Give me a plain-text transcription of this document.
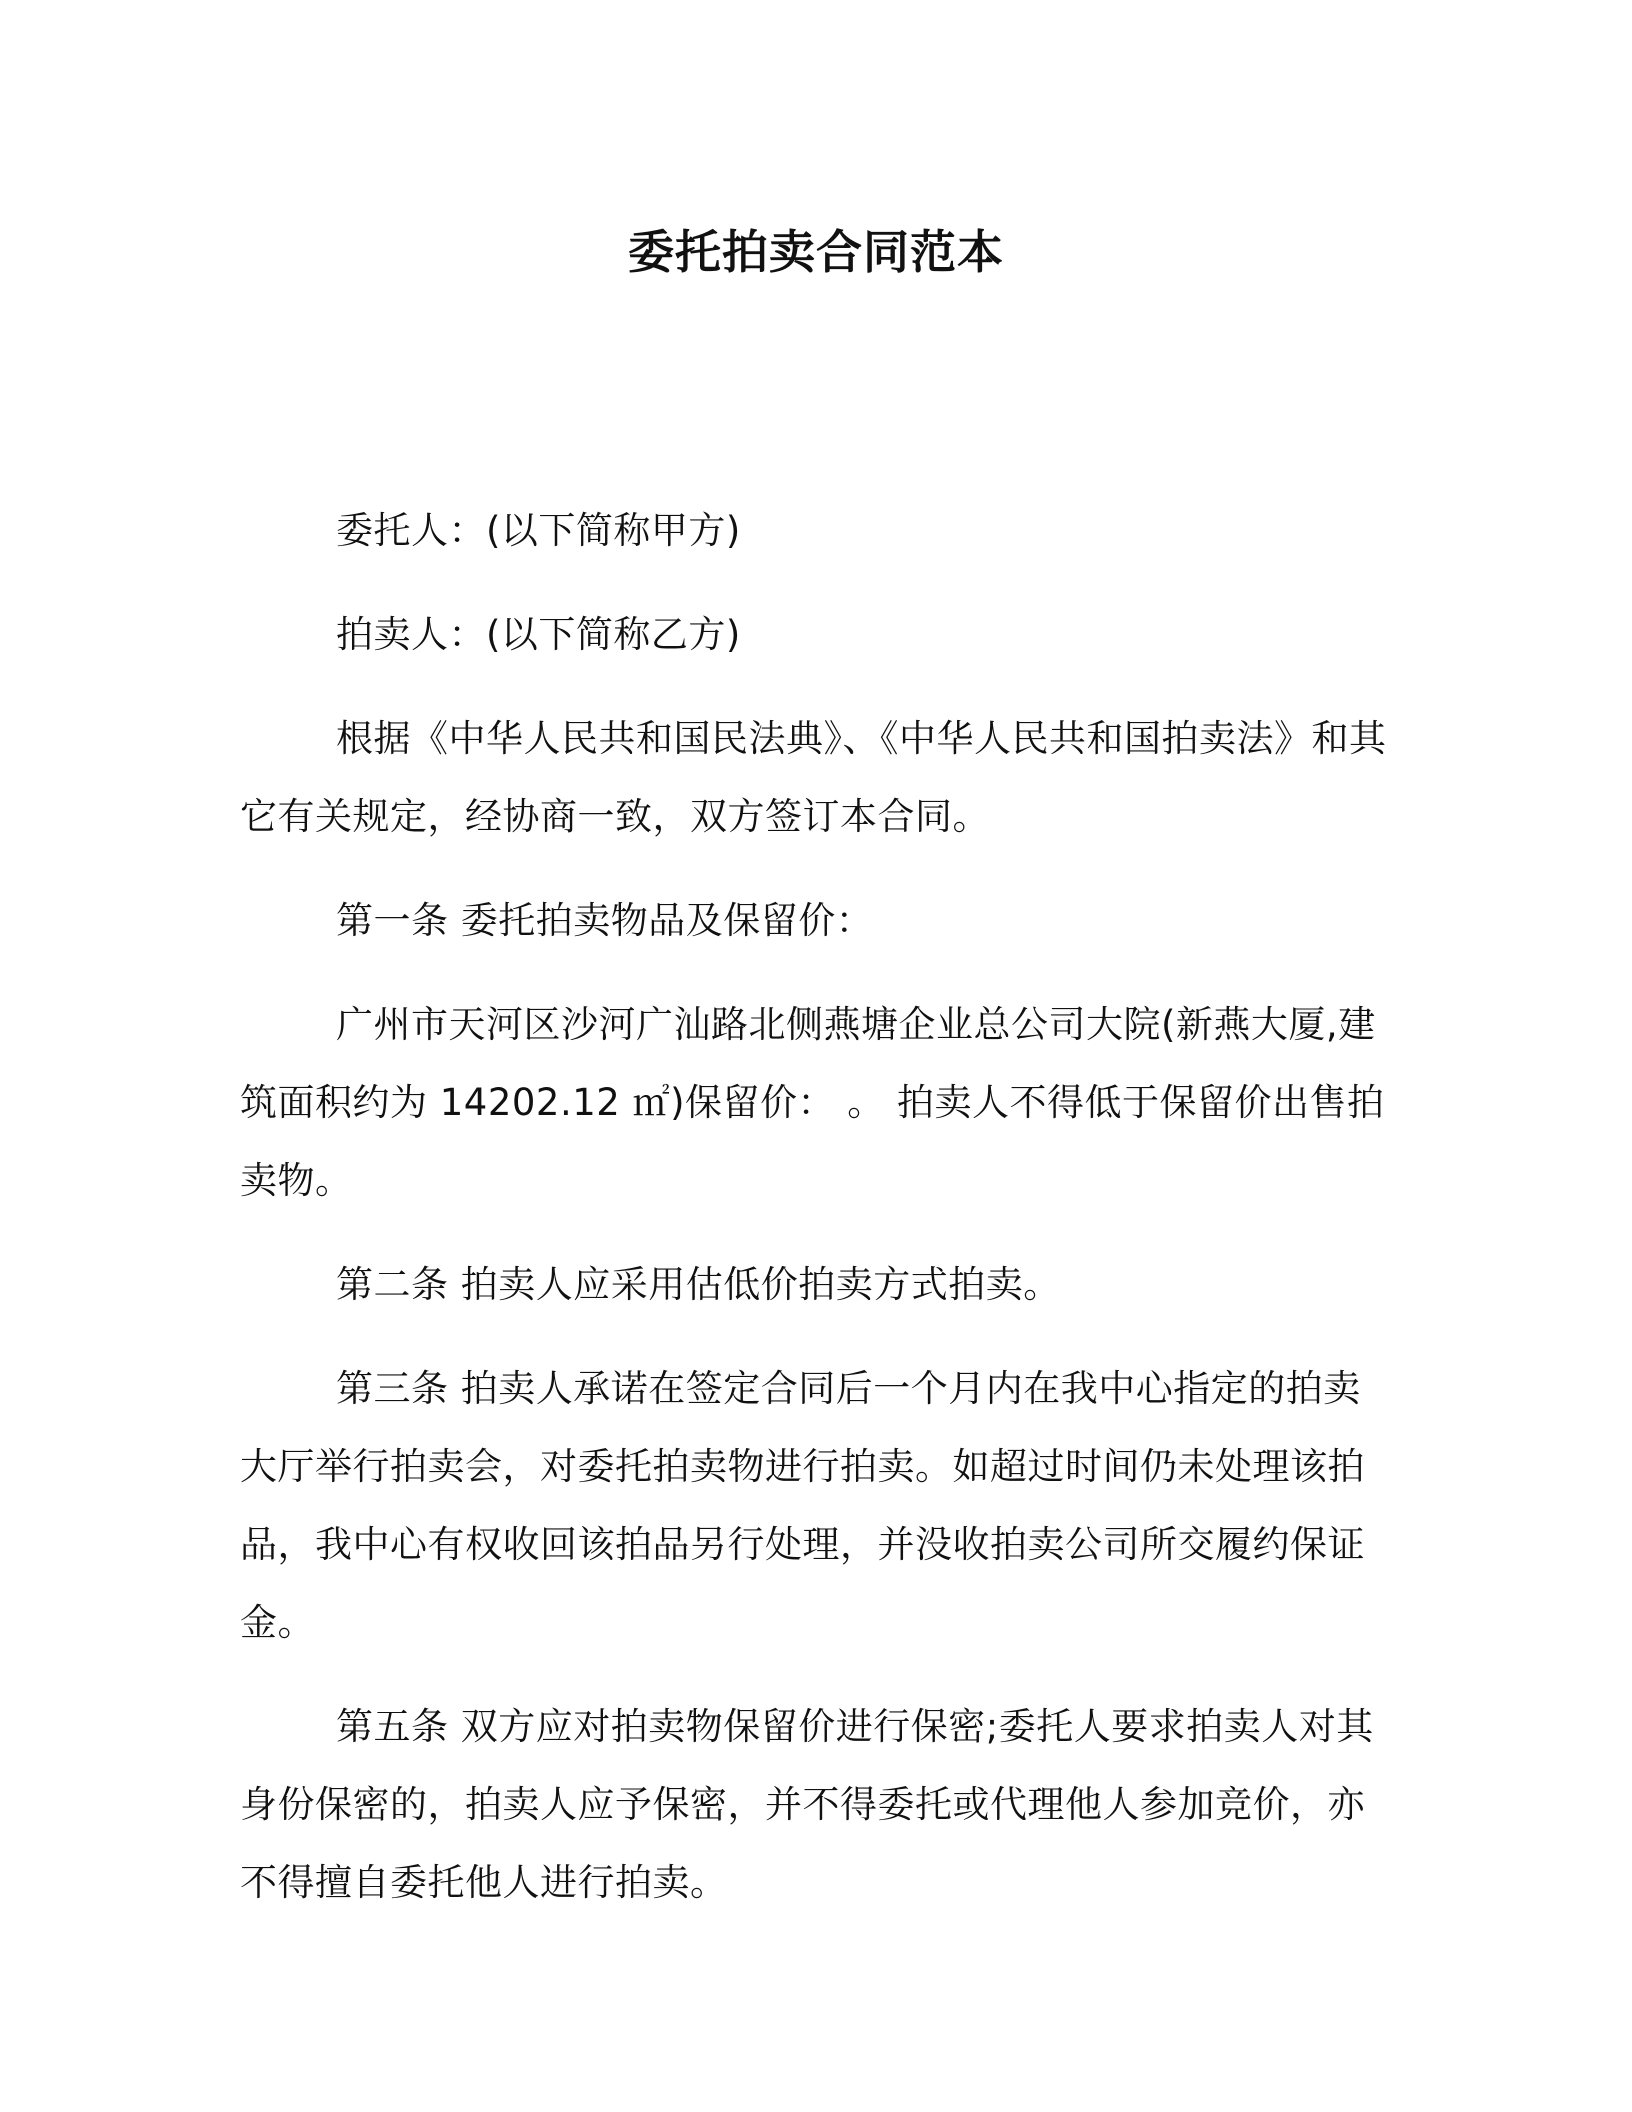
委托拍卖合同范本

委托人：(以下简称甲方)

拍卖人：(以下简称乙方)

根据《中华人民共和国民法典》、《中华人民共和国拍卖法》和其它有关规定，经协商一致，双方签订本合同。

第一条 委托拍卖物品及保留价：

广州市天河区沙河广汕路北侧燕塘企业总公司大院(新燕大厦,建筑面积约为 14202.12 ㎡)保留价： 。 拍卖人不得低于保留价出售拍卖物。

第二条 拍卖人应采用估低价拍卖方式拍卖。

第三条 拍卖人承诺在签定合同后一个月内在我中心指定的拍卖大厅举行拍卖会，对委托拍卖物进行拍卖。如超过时间仍未处理该拍品，我中心有权收回该拍品另行处理，并没收拍卖公司所交履约保证金。

第五条 双方应对拍卖物保留价进行保密;委托人要求拍卖人对其身份保密的，拍卖人应予保密，并不得委托或代理他人参加竞价，亦不得擅自委托他人进行拍卖。
